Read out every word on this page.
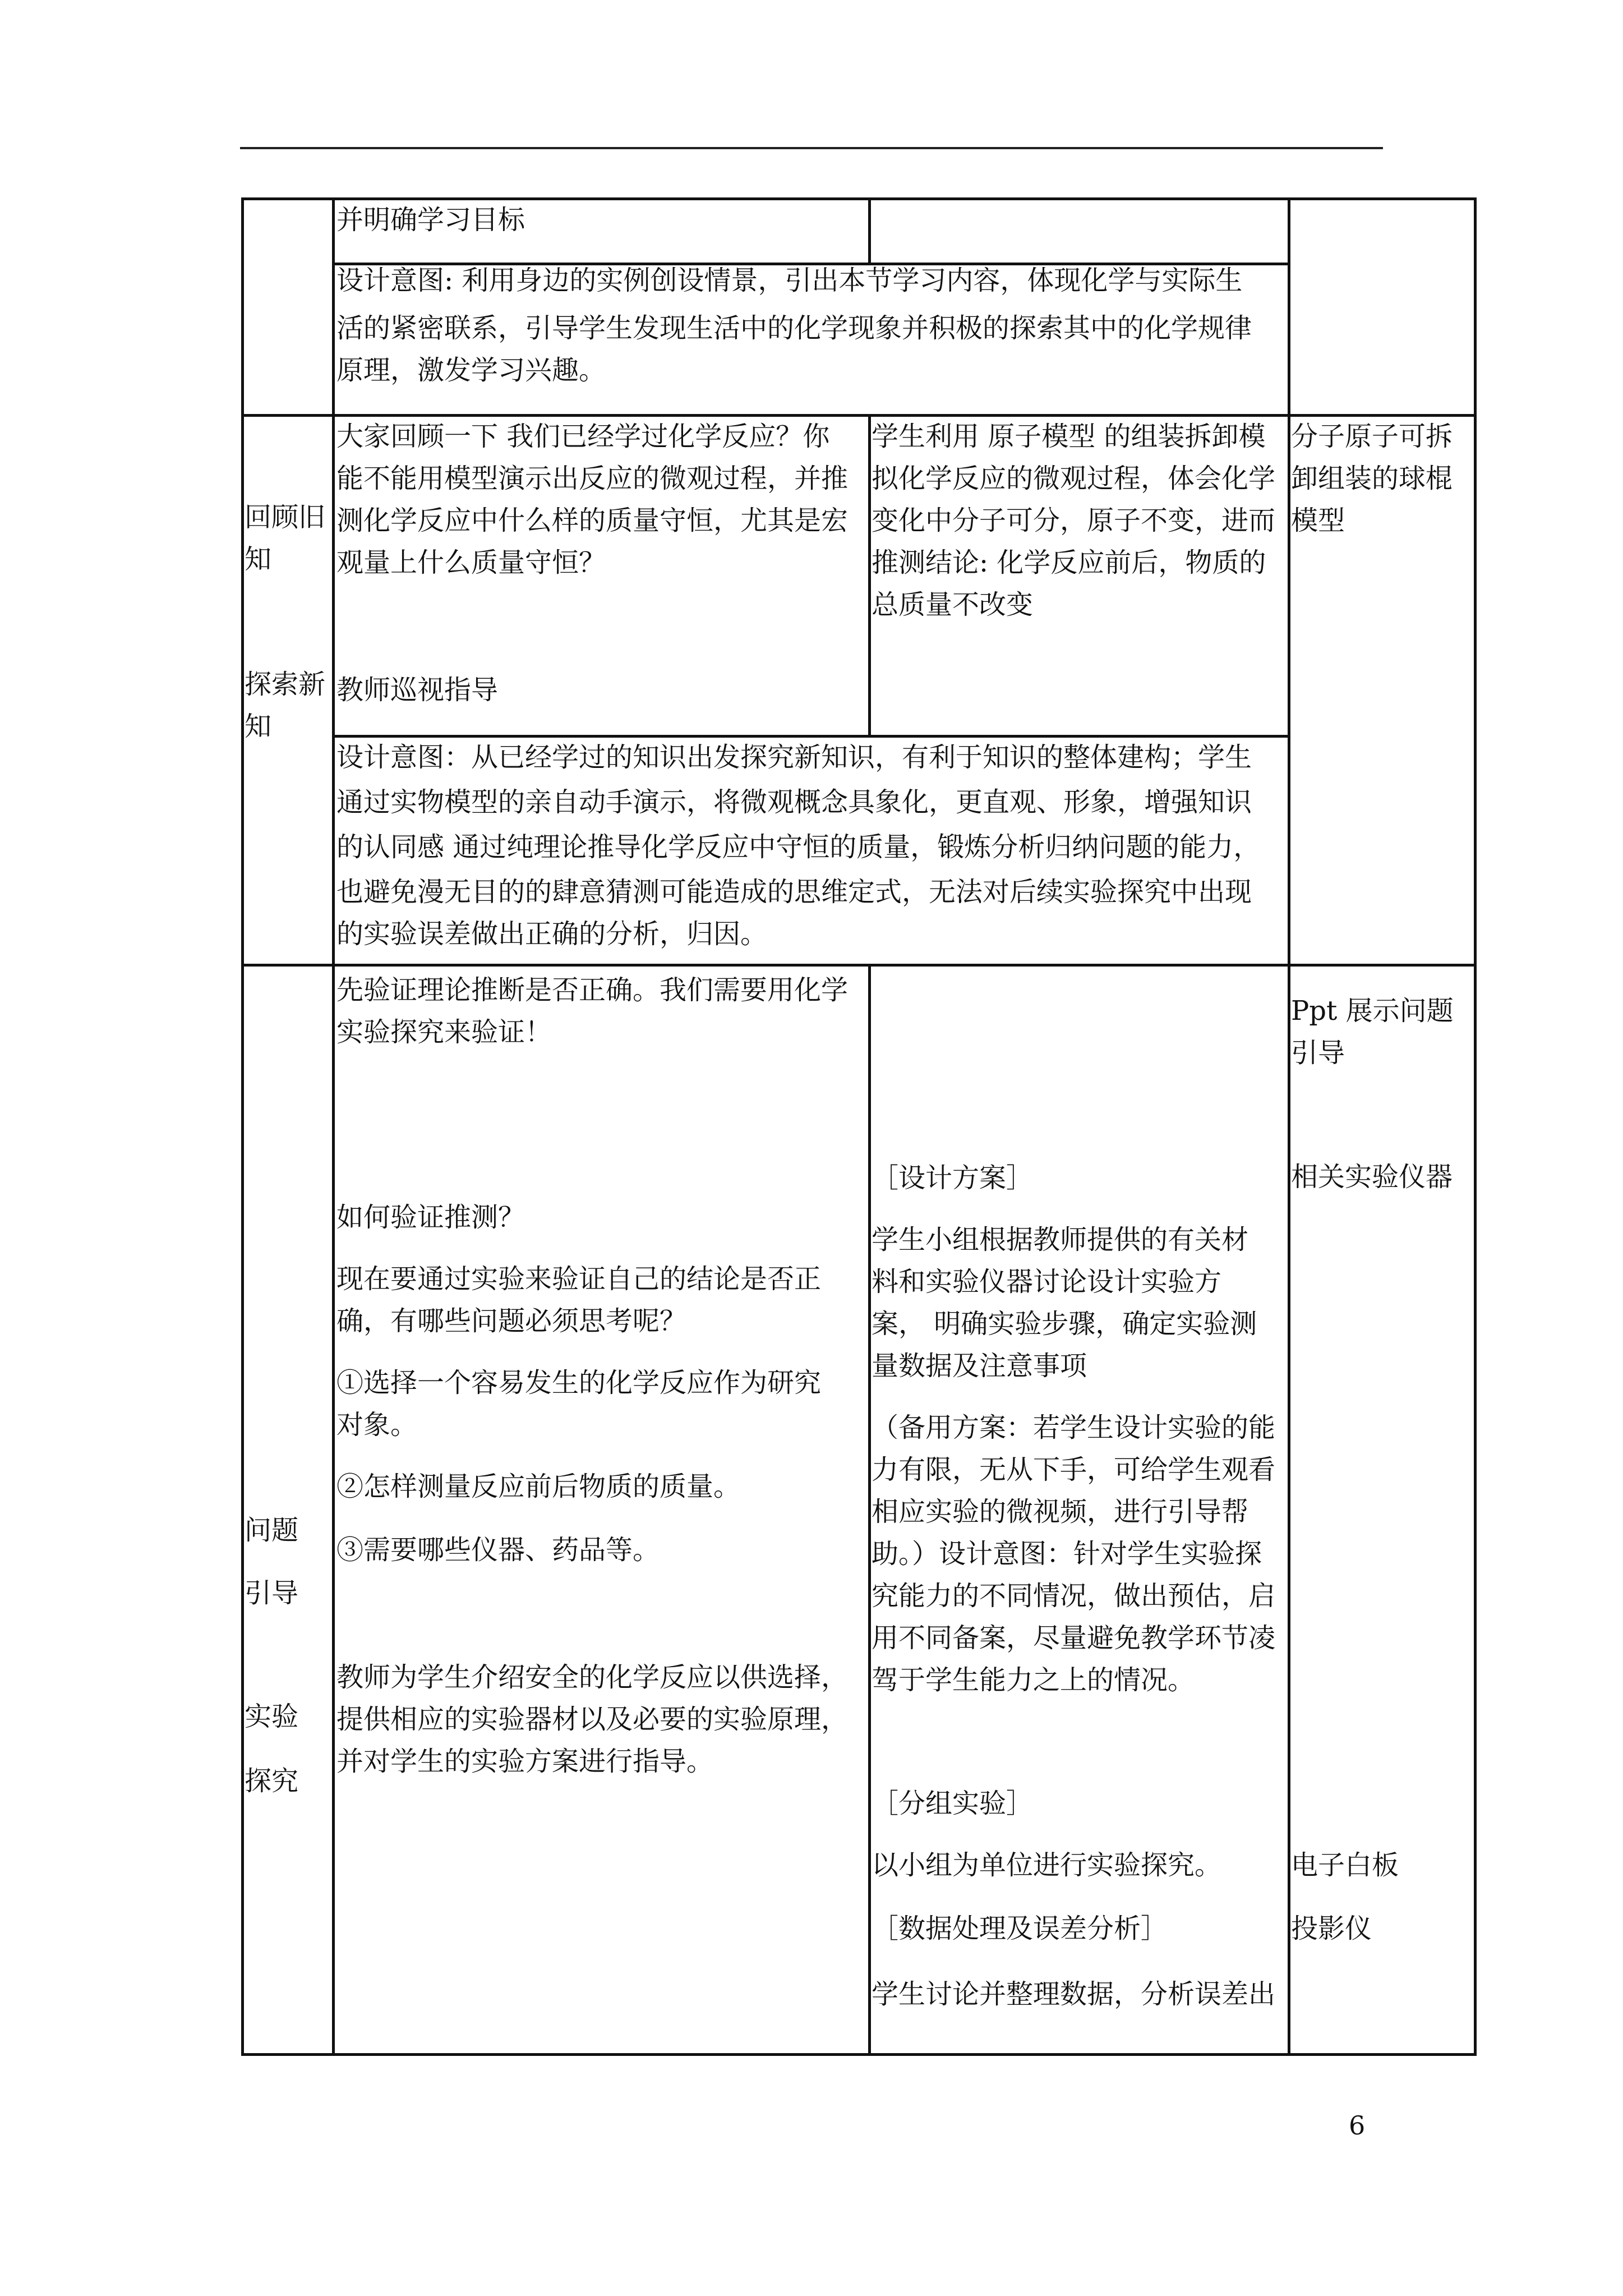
并明确学习目标
设计意图: 利用身边的实例创设情景，引出本节学习内容，体现化学与实际生
活的紧密联系，引导学生发现生活中的化学现象并积极的探索其中的化学规律
原理，激发学习兴趣。
回顾旧
知
探索新
知
大家回顾一下 我们已经学过化学反应？你
能不能用模型演示出反应的微观过程，并推
测化学反应中什么样的质量守恒，尤其是宏
观量上什么质量守恒？
教师巡视指导
学生利用 原子模型 的组装拆卸模
拟化学反应的微观过程，体会化学
变化中分子可分，原子不变，进而
推测结论: 化学反应前后，物质的
总质量不改变
分子原子可拆
卸组装的球棍
模型
设计意图：从已经学过的知识出发探究新知识，有利于知识的整体建构；学生
通过实物模型的亲自动手演示，将微观概念具象化，更直观、形象，增强知识
的认同感 通过纯理论推导化学反应中守恒的质量，锻炼分析归纳问题的能力，
也避免漫无目的的肆意猜测可能造成的思维定式，无法对后续实验探究中出现
的实验误差做出正确的分析，归因。
问题
引导
实验
探究
先验证理论推断是否正确。我们需要用化学
实验探究来验证！
如何验证推测？
现在要通过实验来验证自己的结论是否正
确，有哪些问题必须思考呢？
①选择一个容易发生的化学反应作为研究
对象。
②怎样测量反应前后物质的质量。
③需要哪些仪器、药品等。
教师为学生介绍安全的化学反应以供选择，
提供相应的实验器材以及必要的实验原理，
并对学生的实验方案进行指导。
［设计方案］
学生小组根据教师提供的有关材
料和实验仪器讨论设计实验方
案， 明确实验步骤，确定实验测
量数据及注意事项
（备用方案：若学生设计实验的能
力有限，无从下手，可给学生观看
相应实验的微视频，进行引导帮
助。）设计意图：针对学生实验探
究能力的不同情况，做出预估，启
用不同备案，尽量避免教学环节凌
驾于学生能力之上的情况。
［分组实验］
以小组为单位进行实验探究。
［数据处理及误差分析］
学生讨论并整理数据，分析误差出
Ppt 展示问题
引导
相关实验仪器
电子白板
投影仪
6
